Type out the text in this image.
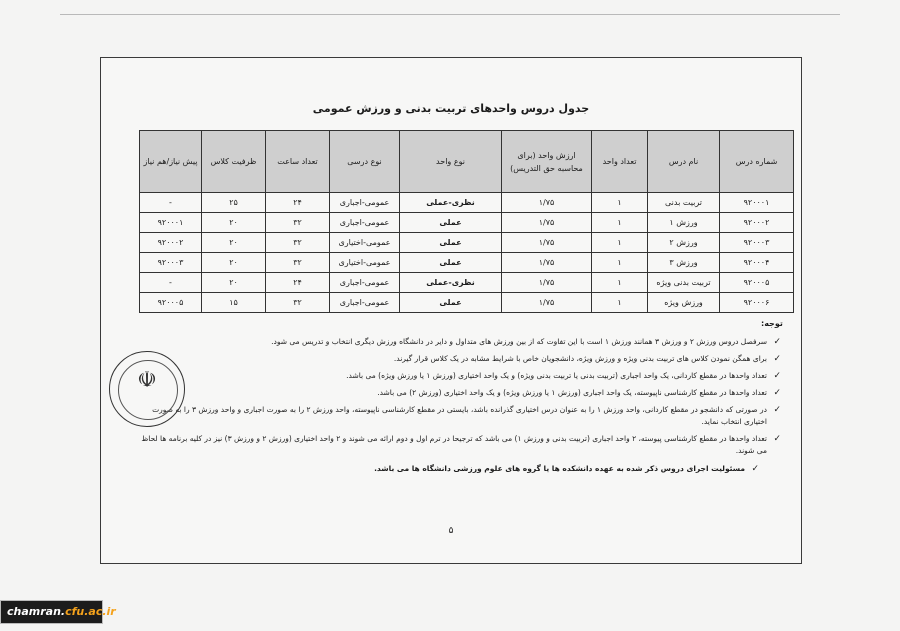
جدول دروس واحدهای تربیت بدنی و ورزش عمومی
شماره درس	نام درس	تعداد واحد	ارزش واحد (برای محاسبه حق التدریس)	نوع واحد	نوع درسی	تعداد ساعت	ظرفیت کلاس	پیش نیاز/هم نیاز
۹۲۰۰۰۱	تربیت بدنی	۱	۱/۷۵	نظری-عملی	عمومی-اجباری	۲۴	۲۵	-
۹۲۰۰۰۲	ورزش ۱	۱	۱/۷۵	عملی	عمومی-اجباری	۳۲	۲۰	۹۲۰۰۰۱
۹۲۰۰۰۳	ورزش ۲	۱	۱/۷۵	عملی	عمومی-اختیاری	۳۲	۲۰	۹۲۰۰۰۲
۹۲۰۰۰۴	ورزش ۳	۱	۱/۷۵	عملی	عمومی-اختیاری	۳۲	۲۰	۹۲۰۰۰۳
۹۲۰۰۰۵	تربیت بدنی ویژه	۱	۱/۷۵	نظری-عملی	عمومی-اجباری	۲۴	۲۰	-
۹۲۰۰۰۶	ورزش ویژه	۱	۱/۷۵	عملی	عمومی-اجباری	۳۲	۱۵	۹۲۰۰۰۵
توجه:
✓
سرفصل دروس ورزش ۲ و ورزش ۳ همانند ورزش ۱ است با این تفاوت که از بین ورزش های متداول و دایر در دانشگاه ورزش دیگری انتخاب و تدریس می شود.
✓
برای همگن نمودن کلاس های تربیت بدنی ویژه و ورزش ویژه، دانشجویان خاص با شرایط مشابه در یک کلاس قرار گیرند.
✓
تعداد واحدها در مقطع کاردانی، یک واحد اجباری (تربیت بدنی یا تربیت بدنی ویژه) و یک واحد اختیاری (ورزش ۱ یا ورزش ویژه) می باشد.
✓
تعداد واحدها در مقطع کارشناسی ناپیوسته، یک واحد اجباری (ورزش ۱ یا ورزش ویژه) و یک واحد اختیاری (ورزش ۲) می باشد.
✓
در صورتی که دانشجو در مقطع کاردانی، واحد ورزش ۱ را به عنوان درس اختیاری گذرانده باشد، بایستی در مقطع کارشناسی ناپیوسته، واحد ورزش ۲ را به صورت اجباری و واحد ورزش ۳ را به صورت اختیاری انتخاب نماید.
✓
تعداد واحدها در مقطع کارشناسی پیوسته، ۲ واحد اجباری (تربیت بدنی و ورزش ۱) می باشد که ترجیحا در ترم اول و دوم ارائه می شوند و ۲ واحد اختیاری (ورزش ۲ و ورزش ۳) نیز در کلیه برنامه ها لحاظ می شوند.
✓
مسئولیت اجرای دروس ذکر شده به عهده دانشکده ها یا گروه های علوم ورزشی دانشگاه ها می باشد.
☫
۵
chamran.cfu.ac.ir
